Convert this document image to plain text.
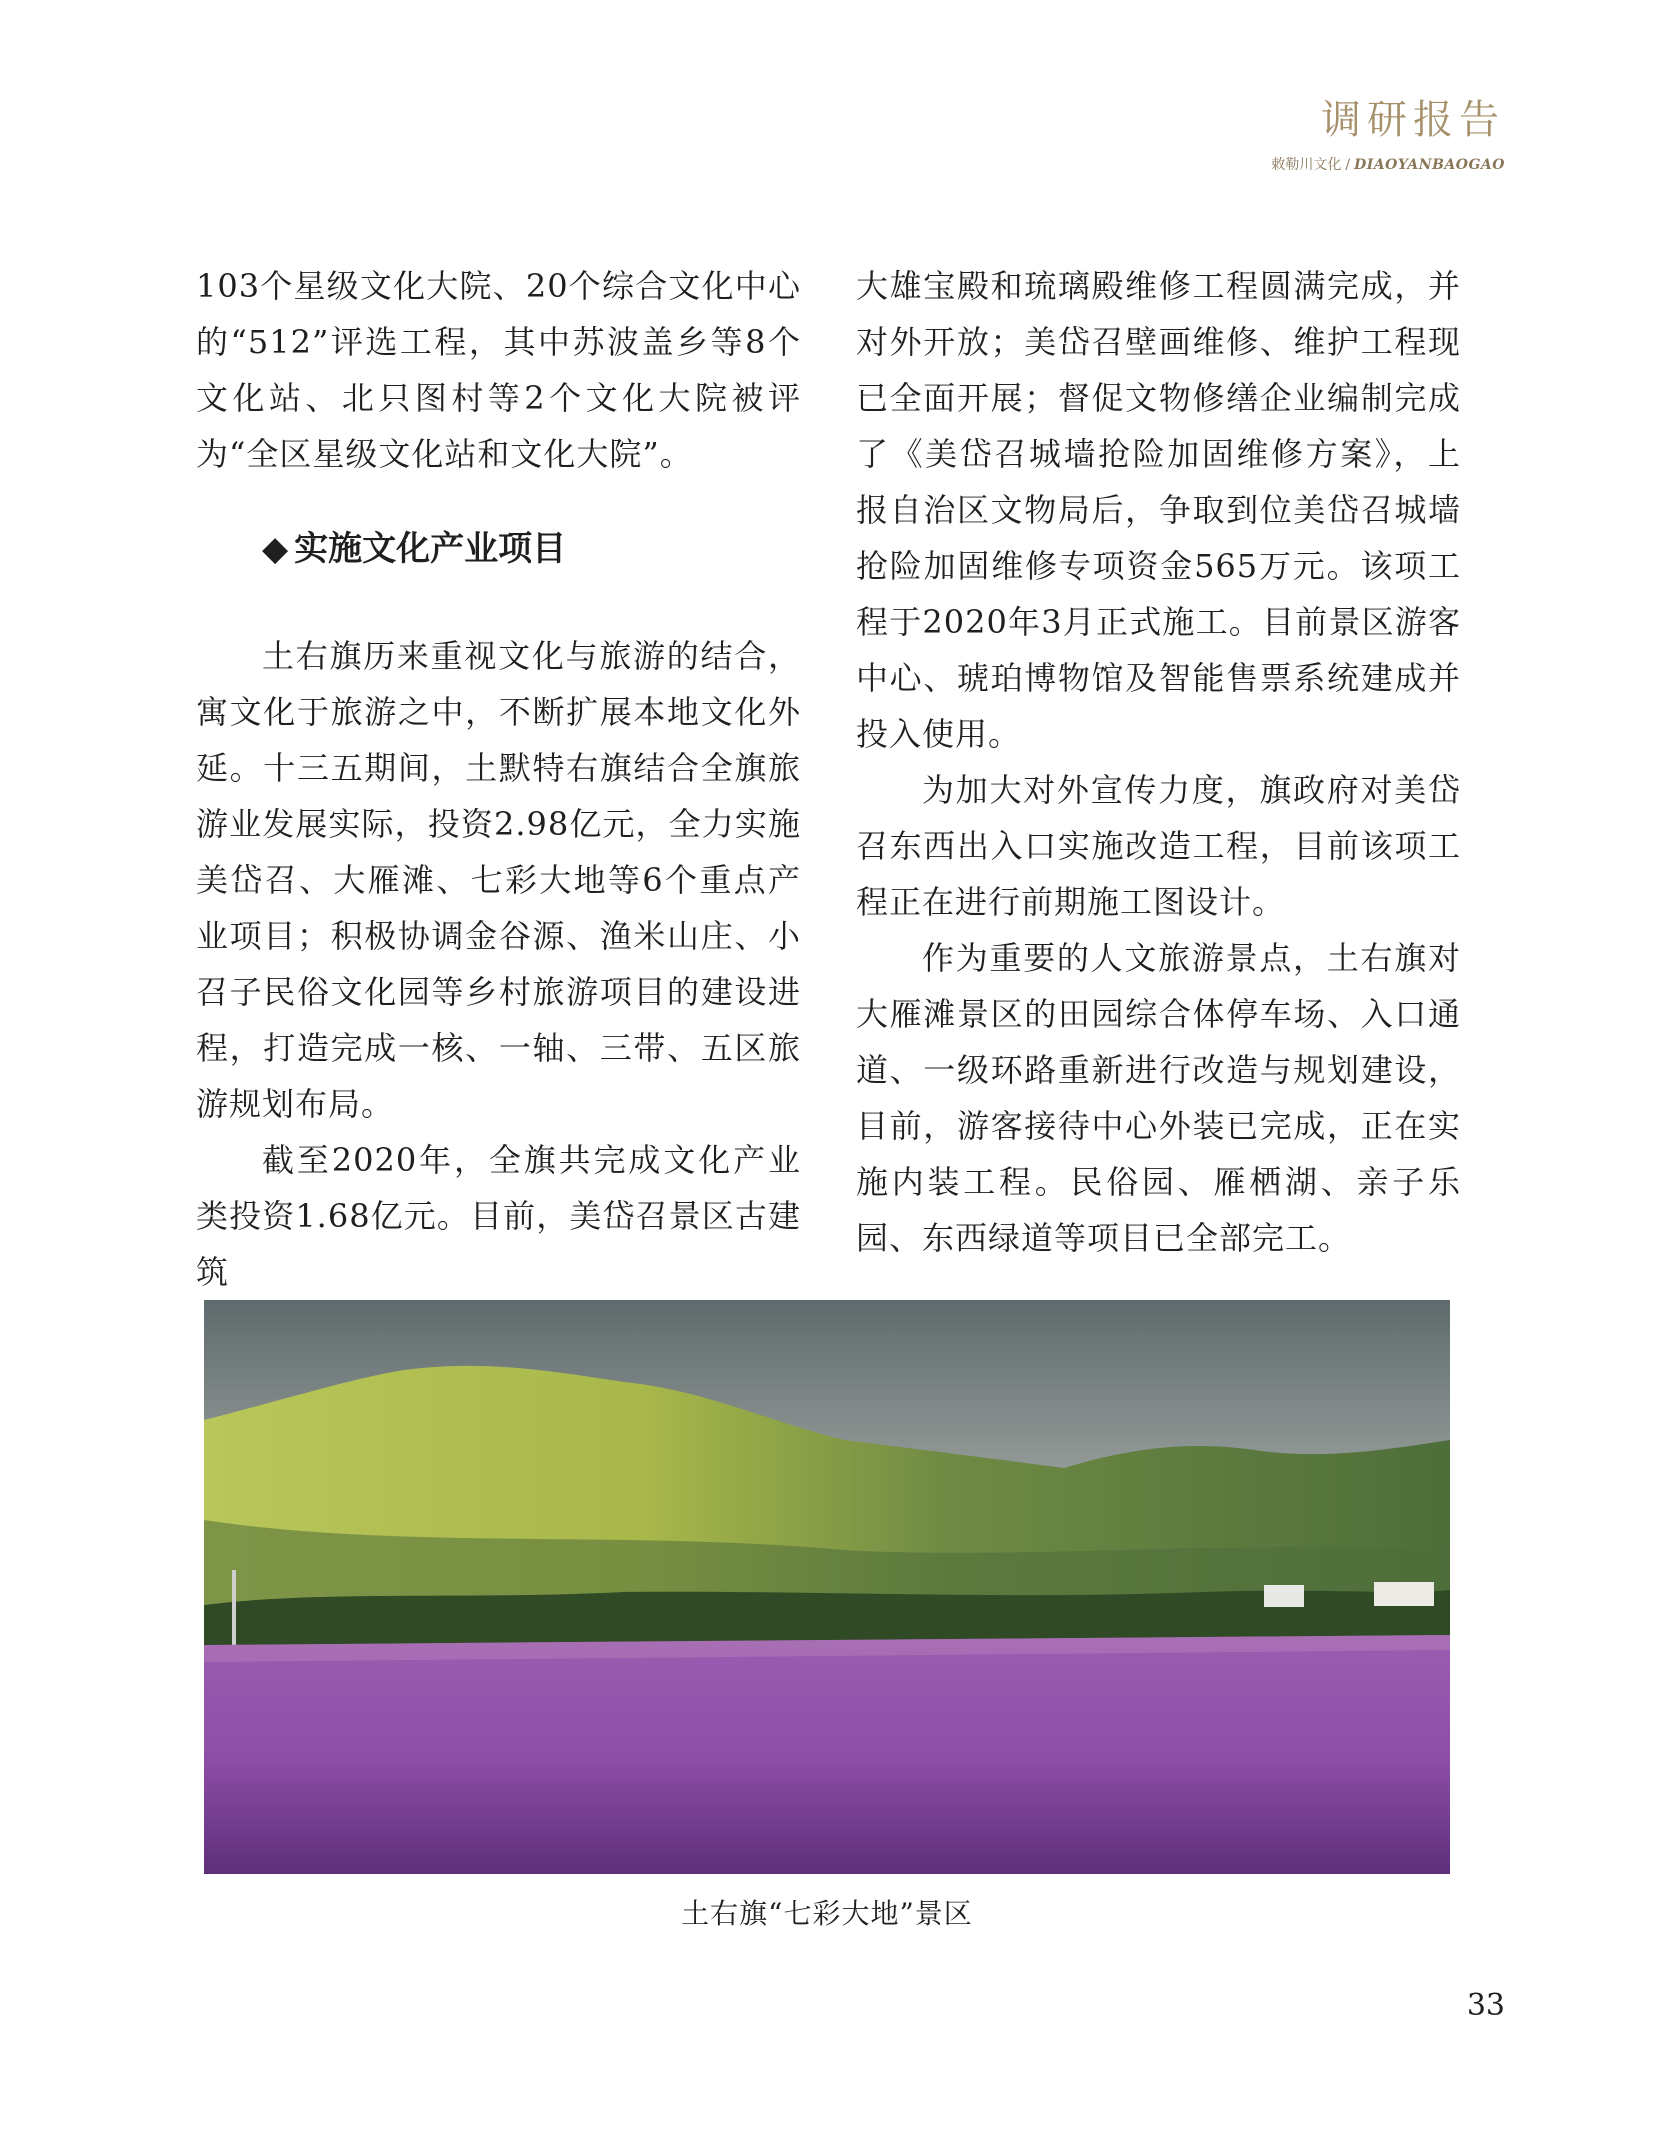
调研报告
敕勒川文化 / DIAOYANBAOGAO

103个星级文化大院、20个综合文化中心的“512”评选工程，其中苏波盖乡等8个文化站、北只图村等2个文化大院被评为“全区星级文化站和文化大院”。

◆ 实施文化产业项目

土右旗历来重视文化与旅游的结合，寓文化于旅游之中，不断扩展本地文化外延。十三五期间，土默特右旗结合全旗旅游业发展实际，投资2.98亿元，全力实施美岱召、大雁滩、七彩大地等6个重点产业项目；积极协调金谷源、渔米山庄、小召子民俗文化园等乡村旅游项目的建设进程，打造完成一核、一轴、三带、五区旅游规划布局。

截至2020年，全旗共完成文化产业类投资1.68亿元。目前，美岱召景区古建筑

大雄宝殿和琉璃殿维修工程圆满完成，并对外开放；美岱召壁画维修、维护工程现已全面开展；督促文物修缮企业编制完成了《美岱召城墙抢险加固维修方案》，上报自治区文物局后，争取到位美岱召城墙抢险加固维修专项资金565万元。该项工程于2020年3月正式施工。目前景区游客中心、琥珀博物馆及智能售票系统建成并投入使用。

为加大对外宣传力度，旗政府对美岱召东西出入口实施改造工程，目前该项工程正在进行前期施工图设计。

作为重要的人文旅游景点，土右旗对大雁滩景区的田园综合体停车场、入口通道、一级环路重新进行改造与规划建设，目前，游客接待中心外装已完成，正在实施内装工程。民俗园、雁栖湖、亲子乐园、东西绿道等项目已全部完工。

土右旗“七彩大地”景区
33
